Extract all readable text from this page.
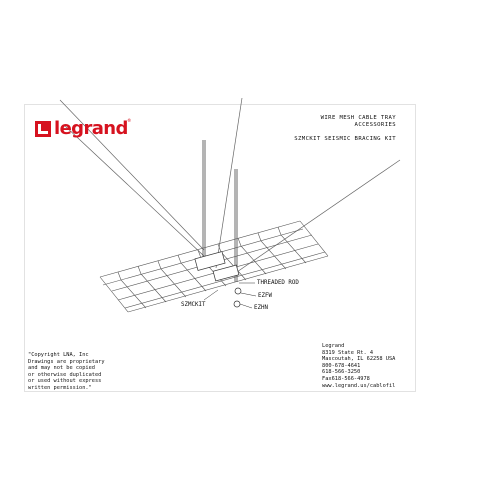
legrand ®	WIRE MESH CABLE TRAY
ACCESSORIES
SZMCKIT SEISMIC BRACING KIT
THREADED ROD
EZFW
EZHN
SZMCKIT
"Copyright LNA, Inc
Drawings are proprietary
and may not be copied
or otherwise duplicated
or used without express
written permission."
Legrand
8319 State Rt. 4
Mascoutah, IL 62258 USA
800-678-4641
618-566-3250
Fax618-566-4978
www.legrand.us/cablofil
